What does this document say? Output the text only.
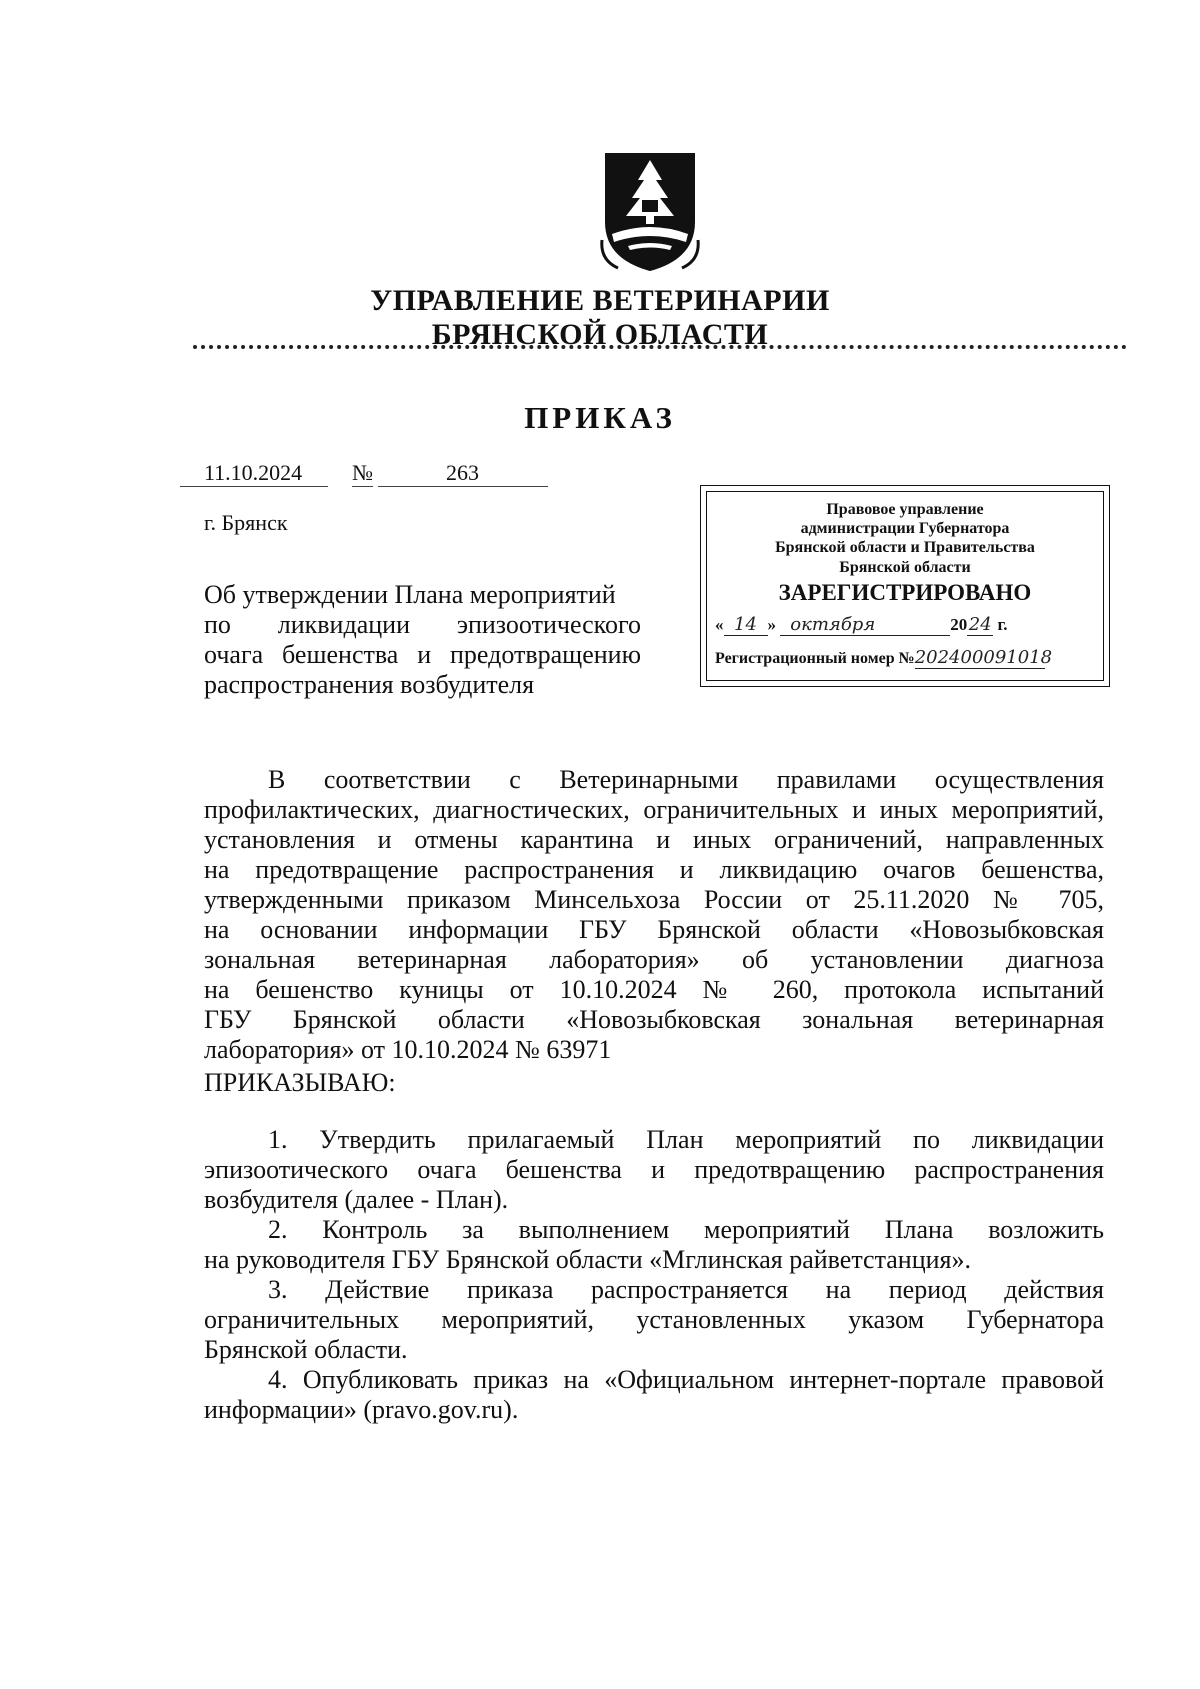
УПРАВЛЕНИЕ ВЕТЕРИНАРИИ
БРЯНСКОЙ ОБЛАСТИ
ПРИКАЗ
11.10.2024	№	263
г. Брянск
Об утверждении Плана мероприятий
по ликвидации эпизоотического
очага бешенства и предотвращению
распространения возбудителя
Правовое управление
администрации Губернатора
Брянской области и Правительства
Брянской области
ЗАРЕГИСТРИРОВАНО
« 14 » октября	2024 г.
Регистрационный номер №202400091018
В соответствии с Ветеринарными правилами осуществления
профилактических, диагностических, ограничительных и иных мероприятий,
установления и отмены карантина и иных ограничений, направленных
на предотвращение распространения и ликвидацию очагов бешенства,
утвержденными приказом Минсельхоза России от 25.11.2020 № 705,
на основании информации ГБУ Брянской области «Новозыбковская
зональная ветеринарная лаборатория» об установлении диагноза
на бешенство куницы от 10.10.2024 № 260, протокола испытаний
ГБУ Брянской области «Новозыбковская зональная ветеринарная
лаборатория» от 10.10.2024 № 63971
ПРИКАЗЫВАЮ:
1. Утвердить прилагаемый План мероприятий по ликвидации
эпизоотического очага бешенства и предотвращению распространения
возбудителя (далее - План).
2. Контроль за выполнением мероприятий Плана возложить
на руководителя ГБУ Брянской области «Мглинская райветстанция».
3. Действие приказа распространяется на период действия
ограничительных мероприятий, установленных указом Губернатора
Брянской области.
4. Опубликовать приказ на «Официальном интернет-портале правовой
информации» (pravo.gov.ru).
